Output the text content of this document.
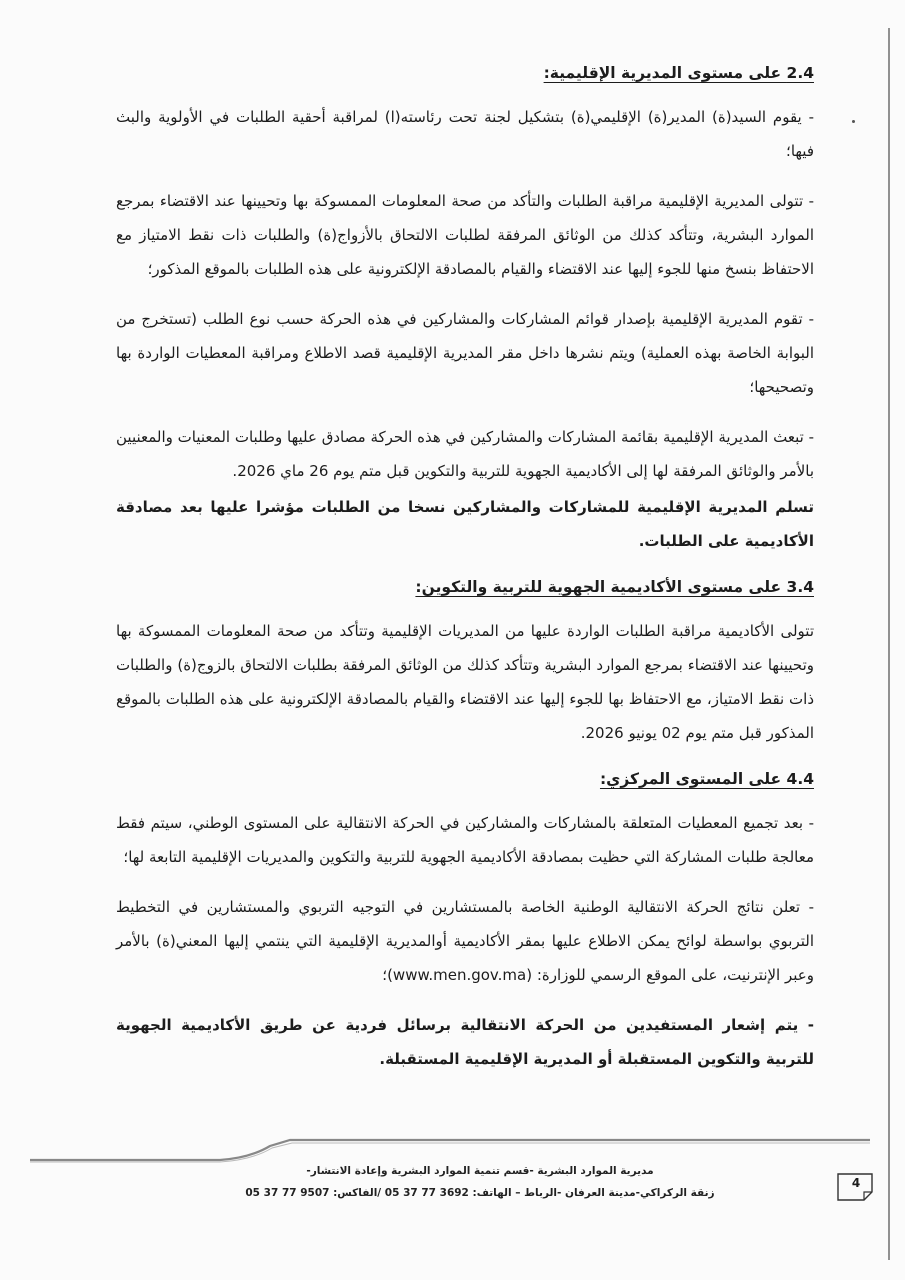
2.4 على مستوى المديرية الإقليمية:

- يقوم السيد(ة) المدير(ة) الإقليمي(ة) بتشكيل لجنة تحت رئاسته(ا) لمراقبة أحقية الطلبات في الأولوية والبث فيها؛

- تتولى المديرية الإقليمية مراقبة الطلبات والتأكد من صحة المعلومات الممسوكة بها وتحيينها عند الاقتضاء بمرجع الموارد البشرية، وتتأكد كذلك من الوثائق المرفقة لطلبات الالتحاق بالأزواج(ة) والطلبات ذات نقط الامتياز مع الاحتفاظ بنسخ منها للجوء إليها عند الاقتضاء والقيام بالمصادقة الإلكترونية على هذه الطلبات بالموقع المذكور؛

- تقوم المديرية الإقليمية بإصدار قوائم المشاركات والمشاركين في هذه الحركة حسب نوع الطلب (تستخرج من البوابة الخاصة بهذه العملية) ويتم نشرها داخل مقر المديرية الإقليمية قصد الاطلاع ومراقبة المعطيات الواردة بها وتصحيحها؛

- تبعث المديرية الإقليمية بقائمة المشاركات والمشاركين في هذه الحركة مصادق عليها وطلبات المعنيات والمعنيين بالأمر والوثائق المرفقة لها إلى الأكاديمية الجهوية للتربية والتكوين قبل متم يوم 26 ماي 2026.

تسلم المديرية الإقليمية للمشاركات والمشاركين نسخا من الطلبات مؤشرا عليها بعد مصادقة الأكاديمية على الطلبات.

3.4 على مستوى الأكاديمية الجهوية للتربية والتكوين:

تتولى الأكاديمية مراقبة الطلبات الواردة عليها من المديريات الإقليمية وتتأكد من صحة المعلومات الممسوكة بها وتحيينها عند الاقتضاء بمرجع الموارد البشرية وتتأكد كذلك من الوثائق المرفقة بطلبات الالتحاق بالزوج(ة) والطلبات ذات نقط الامتياز، مع الاحتفاظ بها للجوء إليها عند الاقتضاء والقيام بالمصادقة الإلكترونية على هذه الطلبات بالموقع المذكور قبل متم يوم 02 يونيو 2026.

4.4 على المستوى المركزي:

- بعد تجميع المعطيات المتعلقة بالمشاركات والمشاركين في الحركة الانتقالية على المستوى الوطني، سيتم فقط معالجة طلبات المشاركة التي حظيت بمصادقة الأكاديمية الجهوية للتربية والتكوين والمديريات الإقليمية التابعة لها؛

- تعلن نتائج الحركة الانتقالية الوطنية الخاصة بالمستشارين في التوجيه التربوي والمستشارين في التخطيط التربوي بواسطة لوائح يمكن الاطلاع عليها بمقر الأكاديمية أوالمديرية الإقليمية التي ينتمي إليها المعني(ة) بالأمر وعبر الإنترنيت، على الموقع الرسمي للوزارة: (www.men.gov.ma)؛

- يتم إشعار المستفيدين من الحركة الانتقالية برسائل فردية عن طريق الأكاديمية الجهوية للتربية والتكوين المستقبلة أو المديرية الإقليمية المستقبلة.

مديرية الموارد البشرية -قسم تنمية الموارد البشرية وإعادة الانتشار-
زنقة الركراكي-مدينة العرفان -الرباط – الهاتف: 3692 77 37 05 /الفاكس: 9507 77 37 05
4
